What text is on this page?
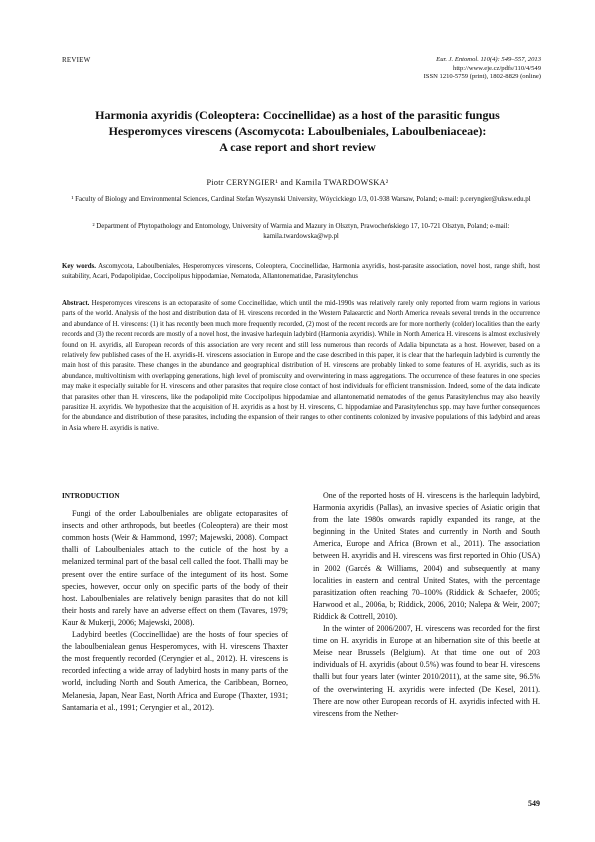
REVIEW	Eur. J. Entomol. 110(4): 549–557, 2013
http://www.eje.cz/pdfs/110/4/549
ISSN 1210-5759 (print), 1802-8829 (online)
Harmonia axyridis (Coleoptera: Coccinellidae) as a host of the parasitic fungus
Hesperomyces virescens (Ascomycota: Laboulbeniales, Laboulbeniaceae):
A case report and short review
Piotr CERYNGIER¹ and Kamila TWARDOWSKA²
¹ Faculty of Biology and Environmental Sciences, Cardinal Stefan Wyszynski University, Wóycickiego 1/3, 01-938 Warsaw, Poland; e-mail: p.ceryngier@uksw.edu.pl
² Department of Phytopathology and Entomology, University of Warmia and Mazury in Olsztyn, Prawocheńskiego 17, 10-721 Olsztyn, Poland; e-mail: kamila.twardowska@wp.pl
Key words. Ascomycota, Laboulbeniales, Hesperomyces virescens, Coleoptera, Coccinellidae, Harmonia axyridis, host-parasite association, novel host, range shift, host suitability, Acari, Podapolipidae, Coccipolipus hippodamiae, Nematoda, Allantonematidae, Parasitylenchus
Abstract. Hesperomyces virescens is an ectoparasite of some Coccinellidae, which until the mid-1990s was relatively rarely only reported from warm regions in various parts of the world. Analysis of the host and distribution data of H. virescens recorded in the Western Palaearctic and North America reveals several trends in the occurrence and abundance of H. virescens: (1) it has recently been much more frequently recorded, (2) most of the recent records are for more northerly (colder) localities than the early records and (3) the recent records are mostly of a novel host, the invasive harlequin ladybird (Harmonia axyridis). While in North America H. virescens is almost exclusively found on H. axyridis, all European records of this association are very recent and still less numerous than records of Adalia bipunctata as a host. However, based on a relatively few published cases of the H. axyridis-H. virescens association in Europe and the case described in this paper, it is clear that the harlequin ladybird is currently the main host of this parasite. These changes in the abundance and geographical distribution of H. virescens are probably linked to some features of H. axyridis, such as its abundance, multivoltinism with overlapping generations, high level of promiscuity and overwintering in mass aggregations. The occurrence of these features in one species may make it especially suitable for H. virescens and other parasites that require close contact of host individuals for efficient transmission. Indeed, some of the data indicate that parasites other than H. virescens, like the podapolipid mite Coccipolipus hippodamiae and allantonematid nematodes of the genus Parasitylenchus may also heavily parasitize H. axyridis. We hypothesize that the acquisition of H. axyridis as a host by H. virescens, C. hippodamiae and Parasitylenchus spp. may have further consequences for the abundance and distribution of these parasites, including the expansion of their ranges to other continents colonized by invasive populations of this ladybird and areas in Asia where H. axyridis is native.
INTRODUCTION

Fungi of the order Laboulbeniales are obligate ectoparasites of insects and other arthropods, but beetles (Coleoptera) are their most common hosts (Weir & Hammond, 1997; Majewski, 2008). Compact thalli of Laboulbeniales attach to the cuticle of the host by a melanized terminal part of the basal cell called the foot. Thalli may be present over the entire surface of the integument of its host. Some species, however, occur only on specific parts of the body of their host. Laboulbeniales are relatively benign parasites that do not kill their hosts and rarely have an adverse effect on them (Tavares, 1979; Kaur & Mukerji, 2006; Majewski, 2008).

Ladybird beetles (Coccinellidae) are the hosts of four species of the laboulbenialean genus Hesperomyces, with H. virescens Thaxter the most frequently recorded (Ceryngier et al., 2012). H. virescens is recorded infecting a wide array of ladybird hosts in many parts of the world, including North and South America, the Caribbean, Borneo, Melanesia, Japan, Near East, North Africa and Europe (Thaxter, 1931; Santamaria et al., 1991; Ceryngier et al., 2012).

One of the reported hosts of H. virescens is the harlequin ladybird, Harmonia axyridis (Pallas), an invasive species of Asiatic origin that from the late 1980s onwards rapidly expanded its range, at the beginning in the United States and currently in North and South America, Europe and Africa (Brown et al., 2011). The association between H. axyridis and H. virescens was first reported in Ohio (USA) in 2002 (Garcés & Williams, 2004) and subsequently at many localities in eastern and central United States, with the percentage parasitization often reaching 70–100% (Riddick & Schaefer, 2005; Harwood et al., 2006a, b; Riddick, 2006, 2010; Nalepa & Weir, 2007; Riddick & Cottrell, 2010).

In the winter of 2006/2007, H. virescens was recorded for the first time on H. axyridis in Europe at an hibernation site of this beetle at Meise near Brussels (Belgium). At that time one out of 203 individuals of H. axyridis (about 0.5%) was found to bear H. virescens thalli but four years later (winter 2010/2011), at the same site, 96.5% of the overwintering H. axyridis were infected (De Kesel, 2011). There are now other European records of H. axyridis infected with H. virescens from the Nether-

549
